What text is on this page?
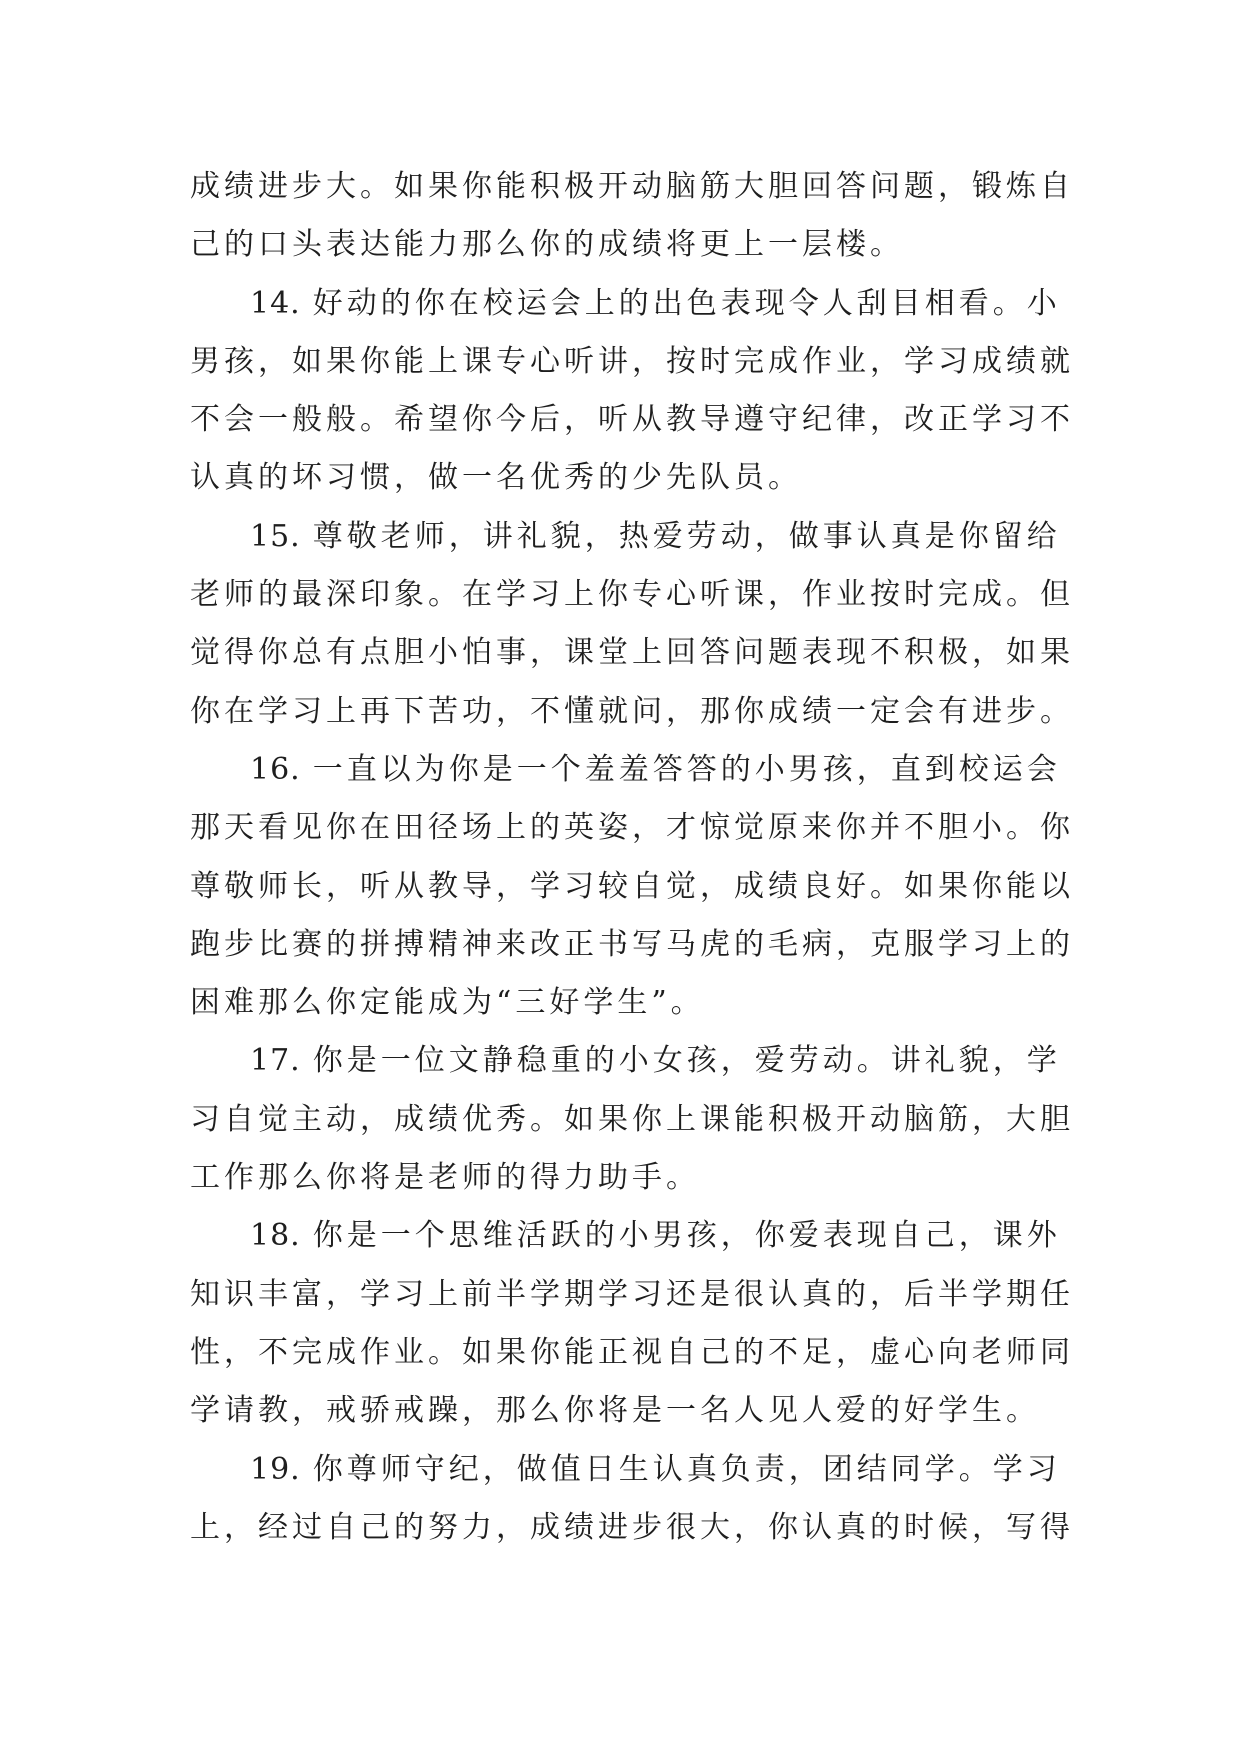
成绩进步大。如果你能积极开动脑筋大胆回答问题，锻炼自
己的口头表达能力那么你的成绩将更上一层楼。
14. 好动的你在校运会上的出色表现令人刮目相看。小
男孩，如果你能上课专心听讲，按时完成作业，学习成绩就
不会一般般。希望你今后，听从教导遵守纪律，改正学习不
认真的坏习惯，做一名优秀的少先队员。
15. 尊敬老师，讲礼貌，热爱劳动，做事认真是你留给
老师的最深印象。在学习上你专心听课，作业按时完成。但
觉得你总有点胆小怕事，课堂上回答问题表现不积极，如果
你在学习上再下苦功，不懂就问，那你成绩一定会有进步。
16. 一直以为你是一个羞羞答答的小男孩，直到校运会
那天看见你在田径场上的英姿，才惊觉原来你并不胆小。你
尊敬师长，听从教导，学习较自觉，成绩良好。如果你能以
跑步比赛的拼搏精神来改正书写马虎的毛病，克服学习上的
困难那么你定能成为“三好学生”。
17. 你是一位文静稳重的小女孩，爱劳动。讲礼貌，学
习自觉主动，成绩优秀。如果你上课能积极开动脑筋，大胆
工作那么你将是老师的得力助手。
18. 你是一个思维活跃的小男孩，你爱表现自己，课外
知识丰富，学习上前半学期学习还是很认真的，后半学期任
性，不完成作业。如果你能正视自己的不足，虚心向老师同
学请教，戒骄戒躁，那么你将是一名人见人爱的好学生。
19. 你尊师守纪，做值日生认真负责，团结同学。学习
上，经过自己的努力，成绩进步很大，你认真的时候，写得
